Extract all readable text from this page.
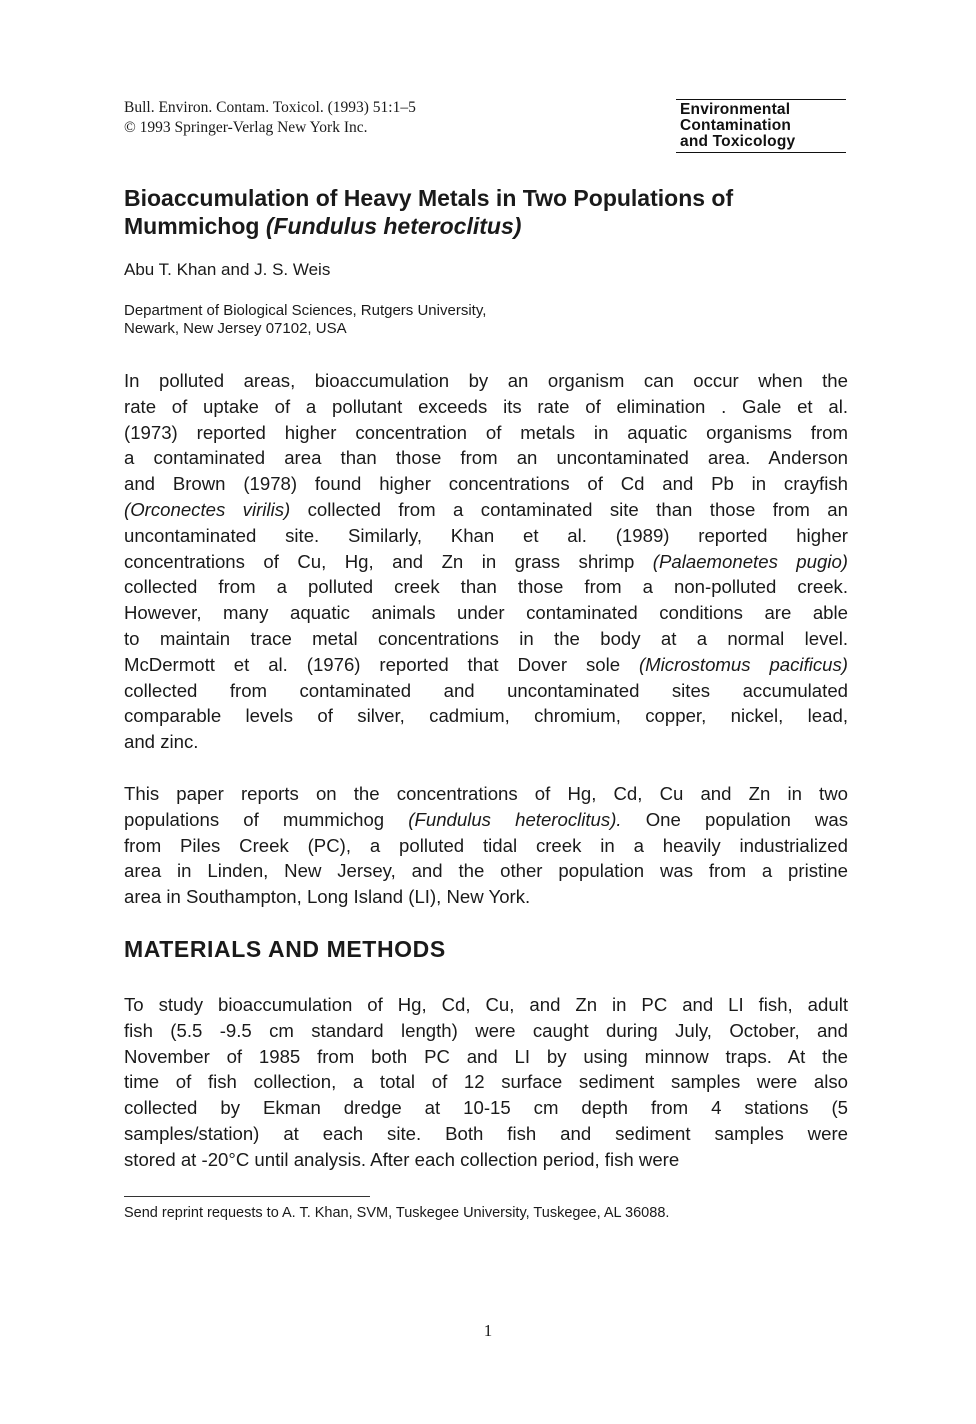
Bull. Environ. Contam. Toxicol. (1993) 51:1–5
© 1993 Springer-Verlag New York Inc.
Environmental
Contamination
and Toxicology
Bioaccumulation of Heavy Metals in Two Populations of
Mummichog (Fundulus heteroclitus)
Abu T. Khan and J. S. Weis
Department of Biological Sciences, Rutgers University,
Newark, New Jersey 07102, USA
In polluted areas, bioaccumulation by an organism can occur when the
rate of uptake of a pollutant exceeds its rate of elimination . Gale et al.
(1973) reported higher concentration of metals in aquatic organisms from
a contaminated area than those from an uncontaminated area. Anderson
and Brown (1978) found higher concentrations of Cd and Pb in crayfish
(Orconectes virilis) collected from a contaminated site than those from an
uncontaminated site. Similarly, Khan et al. (1989) reported higher
concentrations of Cu, Hg, and Zn in grass shrimp (Palaemonetes pugio)
collected from a polluted creek than those from a non-polluted creek.
However, many aquatic animals under contaminated conditions are able
to maintain trace metal concentrations in the body at a normal level.
McDermott et al. (1976) reported that Dover sole (Microstomus pacificus)
collected from contaminated and uncontaminated sites accumulated
comparable levels of silver, cadmium, chromium, copper, nickel, lead,
and zinc.
This paper reports on the concentrations of Hg, Cd, Cu and Zn in two
populations of mummichog (Fundulus heteroclitus). One population was
from Piles Creek (PC), a polluted tidal creek in a heavily industrialized
area in Linden, New Jersey, and the other population was from a pristine
area in Southampton, Long Island (LI), New York.
MATERIALS AND METHODS
To study bioaccumulation of Hg, Cd, Cu, and Zn in PC and LI fish, adult
fish (5.5 -9.5 cm standard length) were caught during July, October, and
November of 1985 from both PC and LI by using minnow traps. At the
time of fish collection, a total of 12 surface sediment samples were also
collected by Ekman dredge at 10-15 cm depth from 4 stations (5
samples/station) at each site. Both fish and sediment samples were
stored at -20°C until analysis. After each collection period, fish were
Send reprint requests to A. T. Khan, SVM, Tuskegee University, Tuskegee, AL 36088.
1
